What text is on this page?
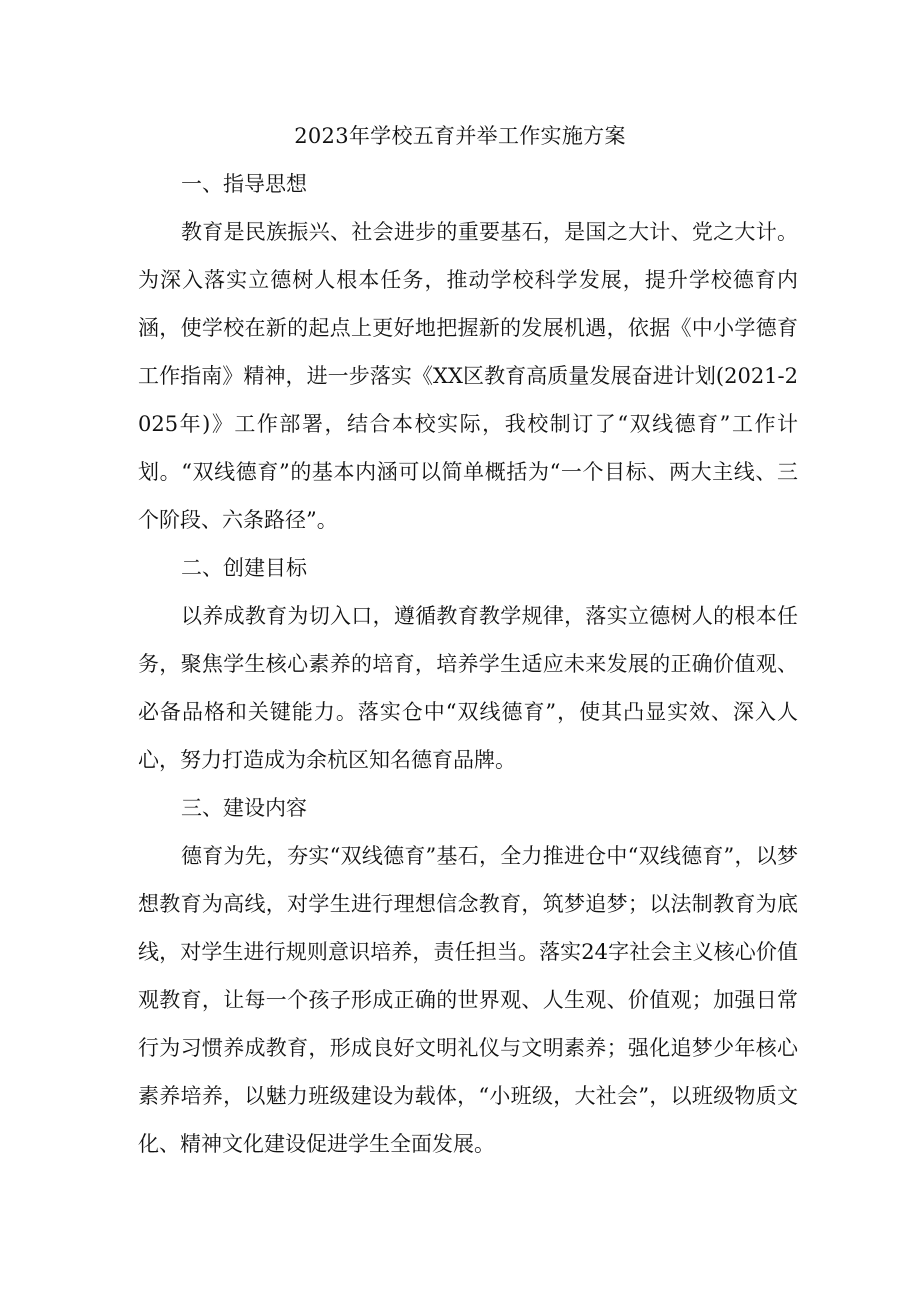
2023年学校五育并举工作实施方案
一、指导思想

教育是民族振兴、社会进步的重要基石，是国之大计、党之大计。为深入落实立德树人根本任务，推动学校科学发展，提升学校德育内涵，使学校在新的起点上更好地把握新的发展机遇，依据《中小学德育工作指南》精神，进一步落实《XX区教育高质量发展奋进计划(2021-2025年)》工作部署，结合本校实际，我校制订了“双线德育”工作计划。“双线德育”的基本内涵可以简单概括为“一个目标、两大主线、三个阶段、六条路径”。

二、创建目标

以养成教育为切入口，遵循教育教学规律，落实立德树人的根本任务，聚焦学生核心素养的培育，培养学生适应未来发展的正确价值观、必备品格和关键能力。落实仓中“双线德育”，使其凸显实效、深入人心，努力打造成为余杭区知名德育品牌。

三、建设内容

德育为先，夯实“双线德育”基石，全力推进仓中“双线德育”，以梦想教育为高线，对学生进行理想信念教育，筑梦追梦；以法制教育为底线，对学生进行规则意识培养，责任担当。落实24字社会主义核心价值观教育，让每一个孩子形成正确的世界观、人生观、价值观；加强日常行为习惯养成教育，形成良好文明礼仪与文明素养；强化追梦少年核心素养培养，以魅力班级建设为载体，“小班级，大社会”，以班级物质文化、精神文化建设促进学生全面发展。
